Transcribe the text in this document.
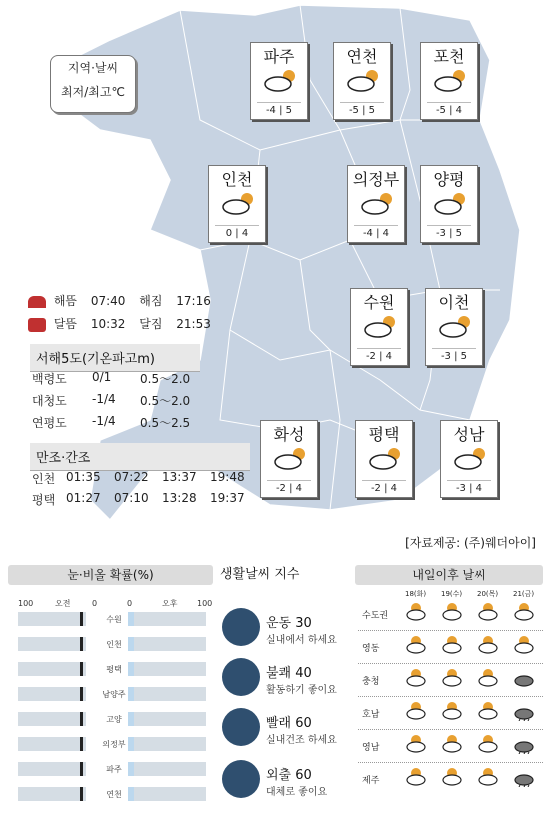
지역·날씨
최저/최고℃
파주
-4 | 5
연천
-5 | 5
포천
-5 | 4
인천
0 | 4
의정부
-4 | 4
양평
-3 | 5
수원
-2 | 4
이천
-3 | 5
화성
-2 | 4
평택
-2 | 4
성남
-3 | 4
해뜸 07:40 해짐 17:16
달뜸 10:32 달짐 21:53
서해5도(기온파고m)
백령도 0/1	0.5～2.0
대청도 -1/4	0.5～2.0
연평도 -1/4	0.5～2.5
만조·간조
인천 01:35 07:22 13:37 19:48
평택 01:27 07:10 13:28 19:37
[자료제공: (주)웨더아이]
눈·비올 확률(%)
100	오전	0	0	오후 100
수원
인천
평택
남양주
고양
의정부
파주
연천
생활날씨 지수
운동 30
실내에서 하세요
불쾌 40
활동하기 좋이요
빨래 60
실내건조 하세요
외출 60
대체로 좋이요
내일이후 날씨
18(화) 19(수) 20(목) 21(금)
수도권
영동
충청
호남
영남
제주
